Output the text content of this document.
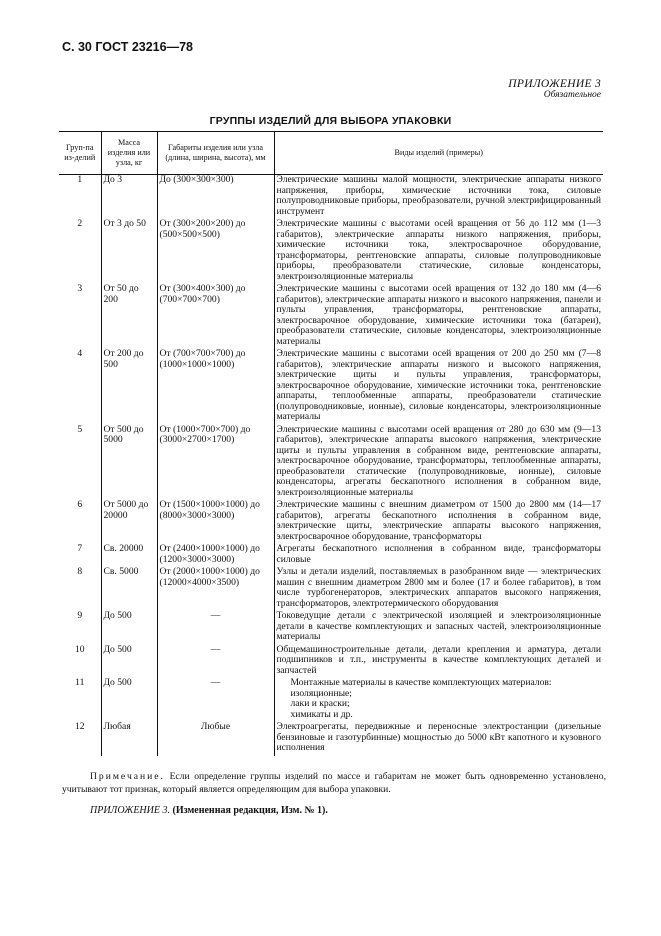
С. 30 ГОСТ 23216—78
ПРИЛОЖЕНИЕ 3
Обязательное
ГРУППЫ ИЗДЕЛИЙ ДЛЯ ВЫБОРА УПАКОВКИ
Груп-па из-делий	Масса изделия или узла, кг	Габариты изделия или узла (длина, ширина, высота), мм	Виды изделий (примеры)
1	До 3	До (300×300×300)	Электрические машины малой мощности, электрические аппараты низкого напряжения, приборы, химические источники тока, силовые полупроводниковые приборы, преобразователи, ручной электрифицированный инструмент
2	От 3 до 50	От (300×200×200) до (500×500×500)	Электрические машины с высотами осей вращения от 56 до 112 мм (1—3 габаритов), электрические аппараты низкого напряжения, приборы, химические источники тока, электросварочное оборудование, трансформаторы, рентгеновские аппараты, силовые полупроводниковые приборы, преобразователи статические, силовые конденсаторы, электроизоляционные материалы
3	От 50 до 200	От (300×400×300) до (700×700×700)	Электрические машины с высотами осей вращения от 132 до 180 мм (4—6 габаритов), электрические аппараты низкого и высокого напряжения, панели и пульты управления, трансформаторы, рентгеновские аппараты, электросварочное оборудование, химические источники тока (батареи), преобразователи статические, силовые конденсаторы, электроизоляционные материалы
4	От 200 до 500	От (700×700×700) до (1000×1000×1000)	Электрические машины с высотами осей вращения от 200 до 250 мм (7—8 габаритов), электрические аппараты низкого и высокого напряжения, электрические щиты и пульты управления, трансформаторы, электросварочное оборудование, химические источники тока, рентгеновские аппараты, теплообменные аппараты, преобразователи статические (полупроводниковые, ионные), силовые конденсаторы, электроизоляционные материалы
5	От 500 до 5000	От (1000×700×700) до (3000×2700×1700)	Электрические машины с высотами осей вращения от 280 до 630 мм (9—13 габаритов), электрические аппараты высокого напряжения, электрические щиты и пульты управления в собранном виде, рентгеновские аппараты, электросварочное оборудование, трансформаторы, теплообменные аппараты, преобразователи статические (полупроводниковые, ионные), силовые конденсаторы, агрегаты бескапотного исполнения в собранном виде, электроизоляционные материалы
6	От 5000 до 20000	От (1500×1000×1000) до (8000×3000×3000)	Электрические машины с внешним диаметром от 1500 до 2800 мм (14—17 габаритов), агрегаты бескапотного исполнения в собранном виде, электрические щиты, электрические аппараты высокого напряжения, электросварочное оборудование, трансформаторы
7	Св. 20000	От (2400×1000×1000) до (1200×3000×3000)	Агрегаты бескапотного исполнения в собранном виде, трансформаторы силовые
8	Св. 5000	От (2000×1000×1000) до (12000×4000×3500)	Узлы и детали изделий, поставляемых в разобранном виде — электрических машин с внешним диаметром 2800 мм и более (17 и более габаритов), в том числе турбогенераторов, электрических аппаратов высокого напряжения, трансформаторов, электротермического оборудования
9	До 500	—	Токоведущие детали с электрической изоляцией и электроизоляционные детали в качестве комплектующих и запасных частей, электроизоляционные материалы
10	До 500	—	Общемашиностроительные детали, детали крепления и арматура, детали подшипников и т.п., инструменты в качестве комплектующих деталей и запчастей
11	До 500	—	Монтажные материалы в качестве комплектующих материалов:
изоляционные;
лаки и краски;
химикаты и др.

12	Любая	Любые	Электроагрегаты, передвижные и переносные электростанции (дизельные бензиновые и газотурбинные) мощностью до 5000 кВт капотного и кузовного исполнения
Примечание. Если определение группы изделий по массе и габаритам не может быть одновременно установлено, учитывают тот признак, который является определяющим для выбора упаковки.
ПРИЛОЖЕНИЕ 3. (Измененная редакция, Изм. № 1).
